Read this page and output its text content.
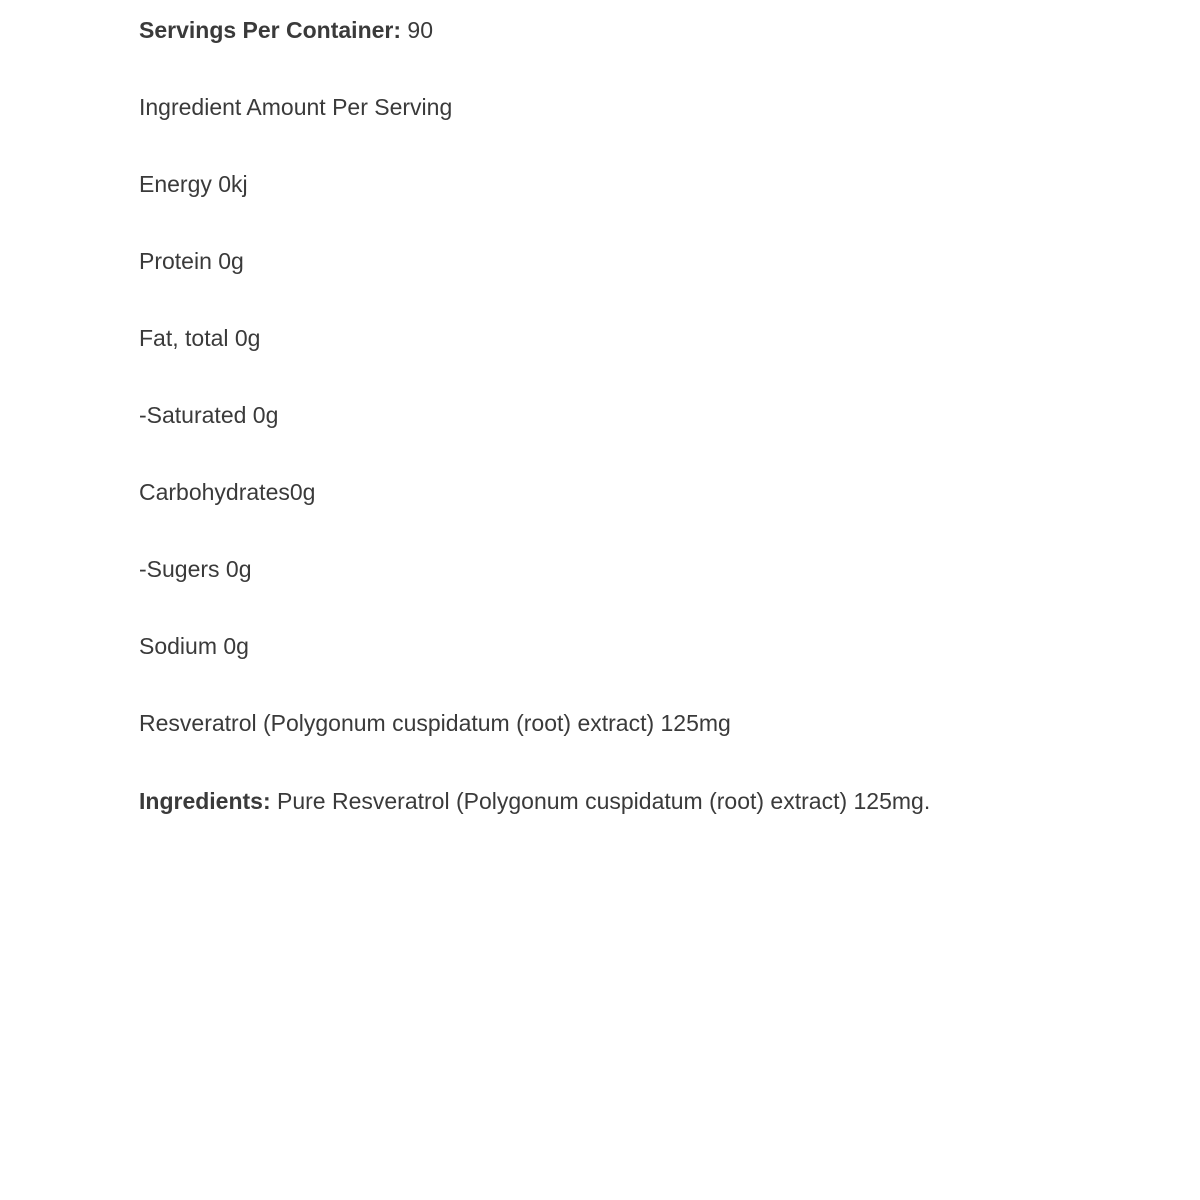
Servings Per Container: 90
Ingredient Amount Per Serving
Energy 0kj
Protein 0g
Fat, total 0g
-Saturated 0g
Carbohydrates0g
-Sugers 0g
Sodium 0g
Resveratrol (Polygonum cuspidatum (root) extract) 125mg
Ingredients: Pure Resveratrol (Polygonum cuspidatum (root) extract) 125mg.
